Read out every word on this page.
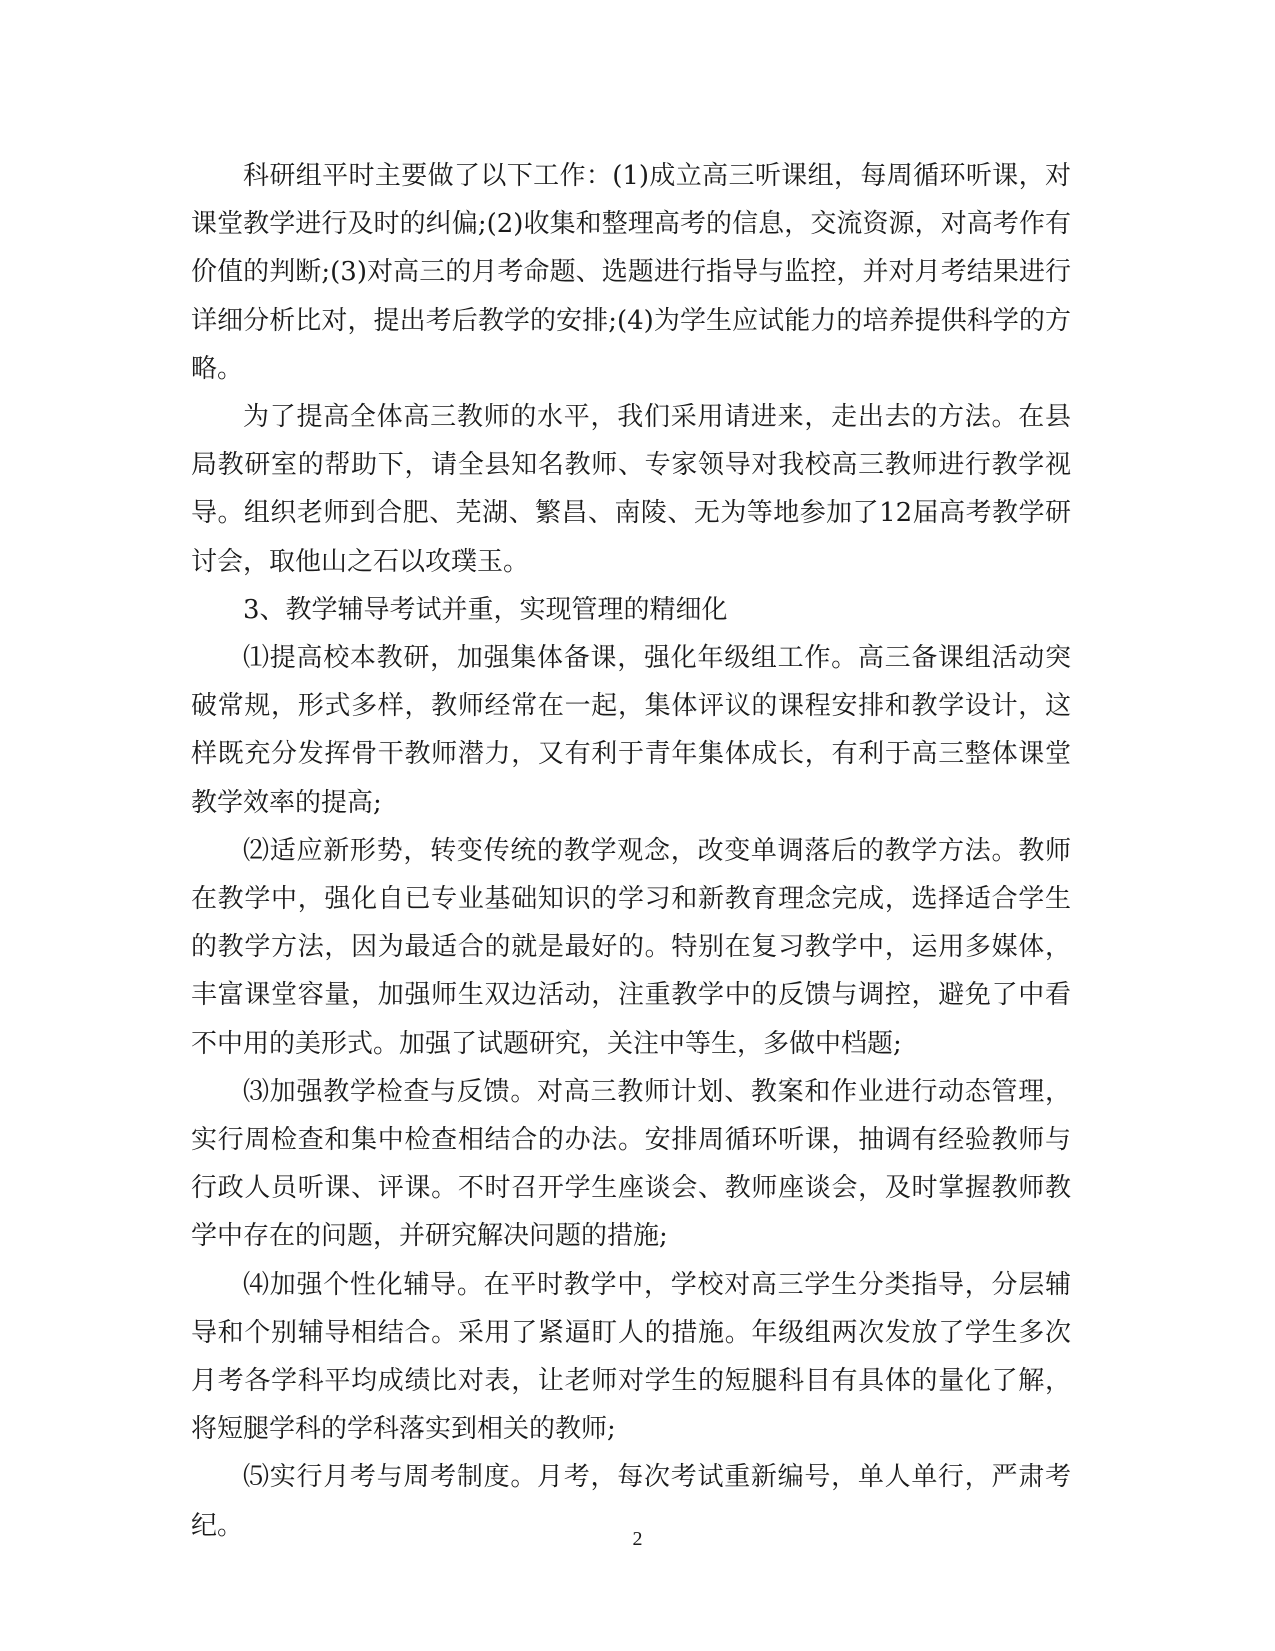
科研组平时主要做了以下工作：(1)成立高三听课组，每周循环听课，对课堂教学进行及时的纠偏;(2)收集和整理高考的信息，交流资源，对高考作有价值的判断;(3)对高三的月考命题、选题进行指导与监控，并对月考结果进行详细分析比对，提出考后教学的安排;(4)为学生应试能力的培养提供科学的方略。

为了提高全体高三教师的水平，我们采用请进来，走出去的方法。在县局教研室的帮助下，请全县知名教师、专家领导对我校高三教师进行教学视导。组织老师到合肥、芜湖、繁昌、南陵、无为等地参加了12届高考教学研讨会，取他山之石以攻璞玉。

3、教学辅导考试并重，实现管理的精细化

⑴提高校本教研，加强集体备课，强化年级组工作。高三备课组活动突破常规，形式多样，教师经常在一起，集体评议的课程安排和教学设计，这样既充分发挥骨干教师潜力，又有利于青年集体成长，有利于高三整体课堂教学效率的提高;

⑵适应新形势，转变传统的教学观念，改变单调落后的教学方法。教师在教学中，强化自已专业基础知识的学习和新教育理念完成，选择适合学生的教学方法，因为最适合的就是最好的。特别在复习教学中，运用多媒体，丰富课堂容量，加强师生双边活动，注重教学中的反馈与调控，避免了中看不中用的美形式。加强了试题研究，关注中等生，多做中档题;

⑶加强教学检查与反馈。对高三教师计划、教案和作业进行动态管理，实行周检查和集中检查相结合的办法。安排周循环听课，抽调有经验教师与行政人员听课、评课。不时召开学生座谈会、教师座谈会，及时掌握教师教学中存在的问题，并研究解决问题的措施;

⑷加强个性化辅导。在平时教学中，学校对高三学生分类指导，分层辅导和个别辅导相结合。采用了紧逼盯人的措施。年级组两次发放了学生多次月考各学科平均成绩比对表，让老师对学生的短腿科目有具体的量化了解，将短腿学科的学科落实到相关的教师;

⑸实行月考与周考制度。月考，每次考试重新编号，单人单行，严肃考纪。	2
